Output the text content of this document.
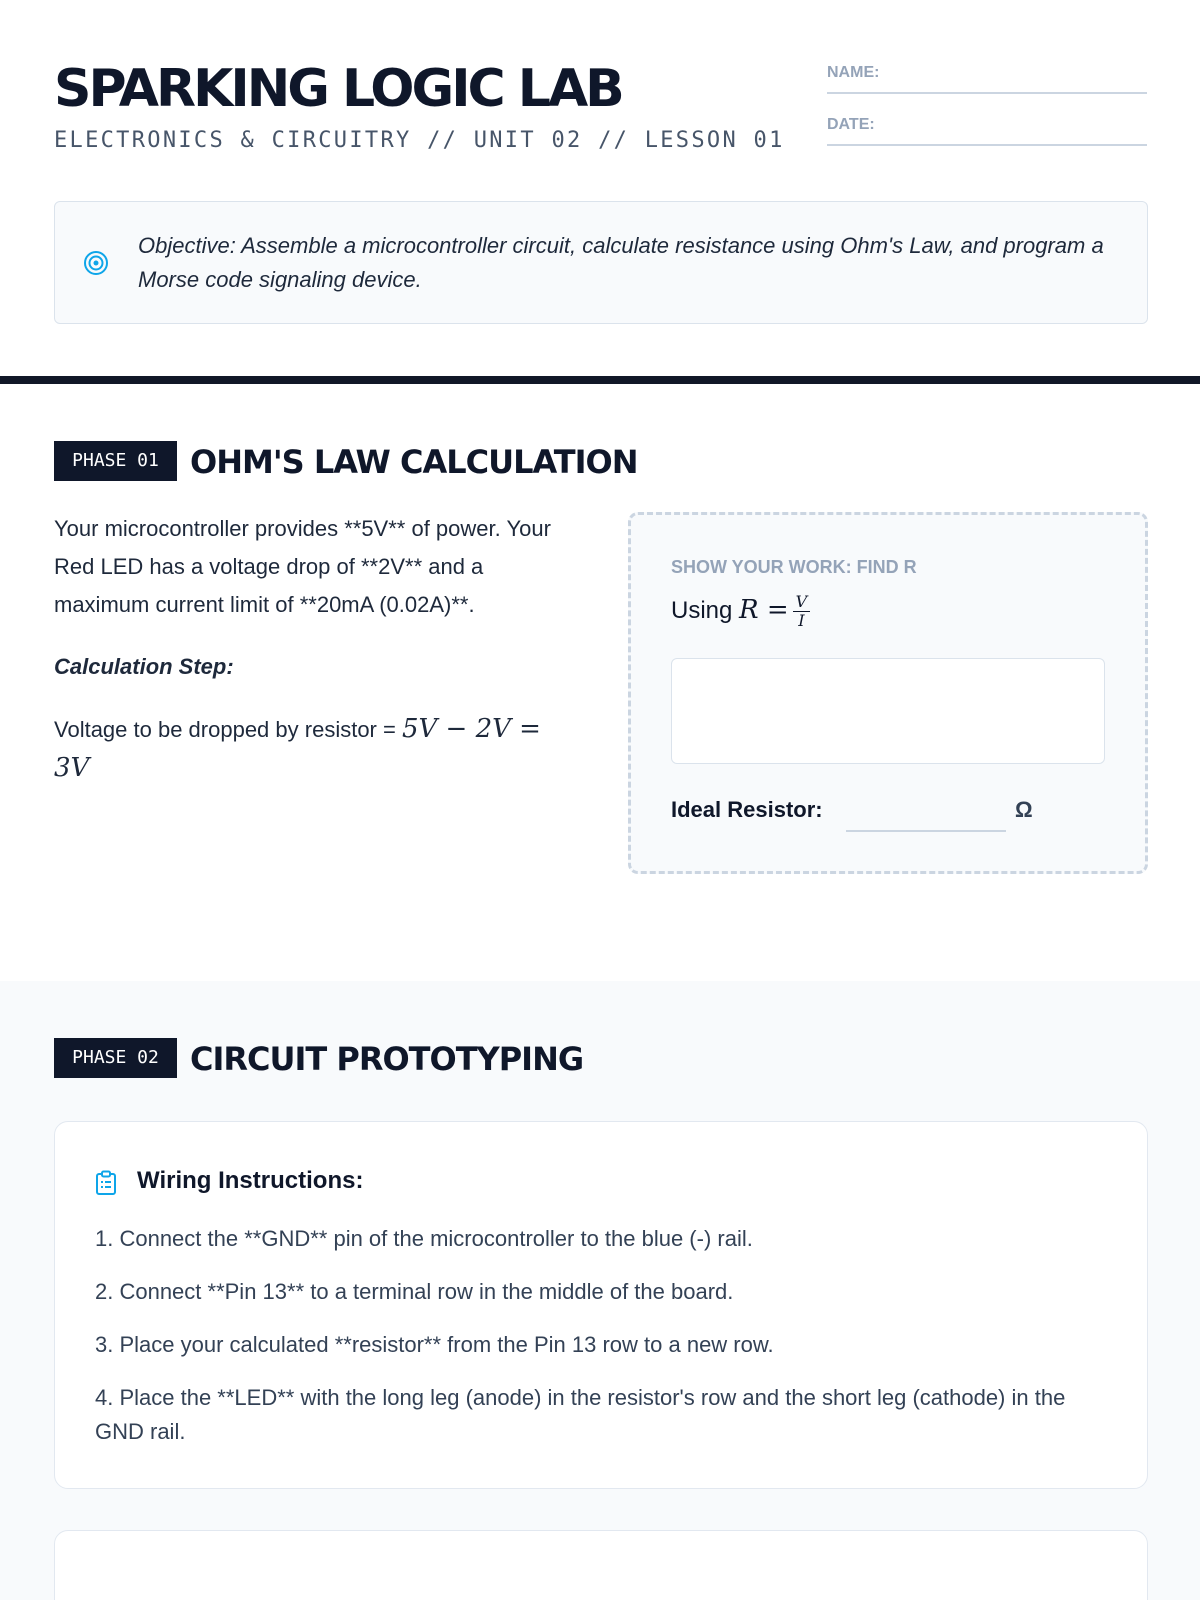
SPARKING LOGIC LAB
ELECTRONICS & CIRCUITRY // UNIT 02 // LESSON 01
NAME:
DATE:
Objective: Assemble a microcontroller circuit, calculate resistance using Ohm's Law, and program a Morse code signaling device.
PHASE 01 OHM'S LAW CALCULATION

Your microcontroller provides **5V** of power. Your Red LED has a voltage drop of **2V** and a maximum current limit of **20mA (0.02A)**.

Calculation Step:

Voltage to be dropped by resistor = 5V − 2V = 3V

SHOW YOUR WORK: FIND R
Using $R = \frac{V}{I}$
Ideal Resistor:	Ω
PHASE 02 CIRCUIT PROTOTYPING
Wiring Instructions:
1. Connect the **GND** pin of the microcontroller to the blue (-) rail.
2. Connect **Pin 13** to a terminal row in the middle of the board.
3. Place your calculated **resistor** from the Pin 13 row to a new row.
4. Place the **LED** with the long leg (anode) in the resistor's row and the short leg (cathode) in the GND rail.
